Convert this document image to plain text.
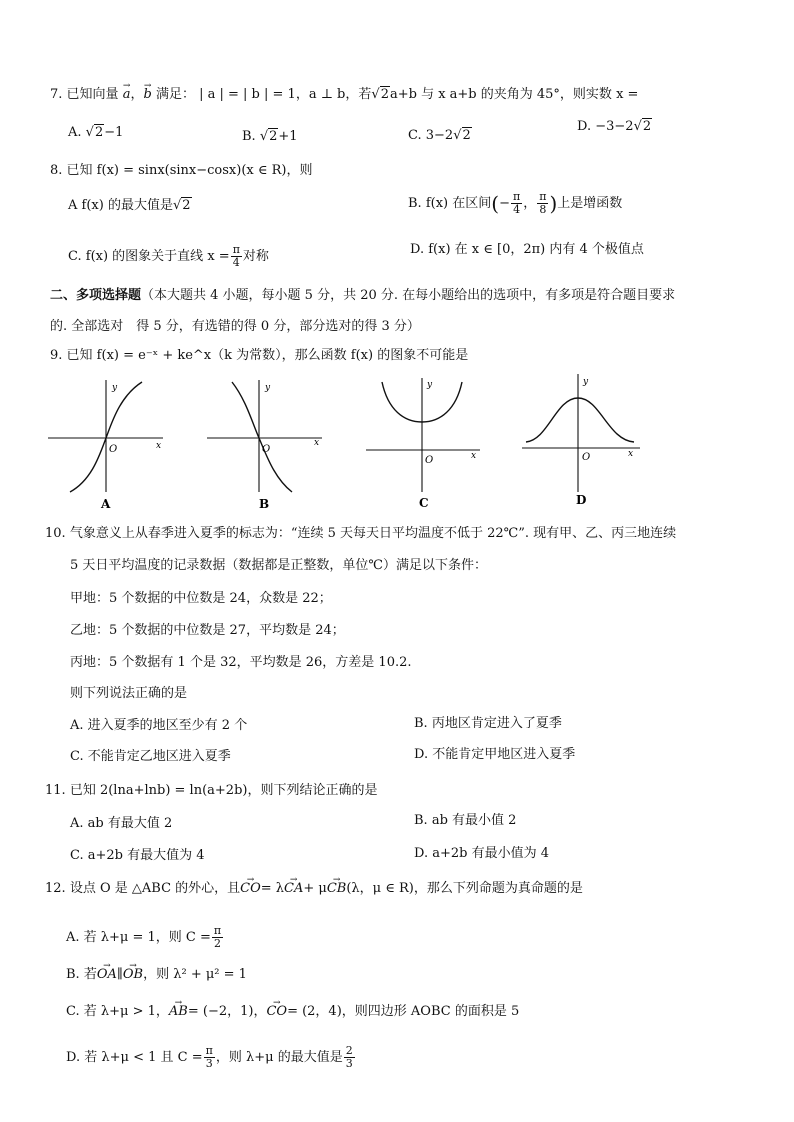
7. 已知向量 → a，→ b 满足： | a | = | b | = 1，a ⊥ b，若√2a+b 与 x a+b 的夹角为 45°，则实数 x =
A. √2−1	B. √2+1	C. 3−2√2
D. −3−2√2
8. 已知 f(x) = sinx(sinx−cosx)(x ∈ R)，则
A f(x) 的最大值是√2	B. f(x) 在区间(− $\frac{\pi}{4}$ ， $\frac{\pi}{8}$ )上是增函数
C. f(x) 的图象关于直线 $x = \frac{\pi}{4}$ 对称	D. f(x) 在 x ∈ [0，2π) 内有 4 个极值点
二、多项选择题（本大题共 4 小题，每小题 5 分，共 20 分. 在每小题给出的选项中，有多项是符合题目要求
的. 全部选对　得 5 分，有选错的得 0 分，部分选对的得 3 分）
9. 已知 f(x) = e⁻ˣ + ke^x（k 为常数），那么函数 f(x) 的图象不可能是
y
x
O
A
y
x
O
B
y
x
O
C
y
x
O
D
10. 气象意义上从春季进入夏季的标志为：“连续 5 天每天日平均温度不低于 22℃”. 现有甲、乙、丙三地连续
5 天日平均温度的记录数据（数据都是正整数，单位℃）满足以下条件：
甲地：5 个数据的中位数是 24，众数是 22；
乙地：5 个数据的中位数是 27，平均数是 24；
丙地：5 个数据有 1 个是 32，平均数是 26，方差是 10.2.
则下列说法正确的是
A. 进入夏季的地区至少有 2 个	B. 丙地区肯定进入了夏季
C. 不能肯定乙地区进入夏季	D. 不能肯定甲地区进入夏季
11. 已知 2(lna+lnb) = ln(a+2b)，则下列结论正确的是
A. ab 有最大值 2	B. ab 有最小值 2
C. a+2b 有最大值为 4	D. a+2b 有最小值为 4
12. 设点 O 是 △ABC 的外心，且→ CO= λ→ CA+ μ→ CB(λ，μ ∈ R)，那么下列命题为真命题的是
A. 若 λ+μ = 1，则 $C = \frac{\pi}{2}$
B. 若→ OA∥→ OB，则 λ² + μ² = 1
C. 若 λ+μ > 1，→ AB= (−2，1)，→ CO= (2，4)，则四边形 AOBC 的面积是 5
D. 若 λ+μ < 1 且 $C = \frac{\pi}{3}$ ，则 λ+μ 的最大值是 $\frac{2}{3}$
